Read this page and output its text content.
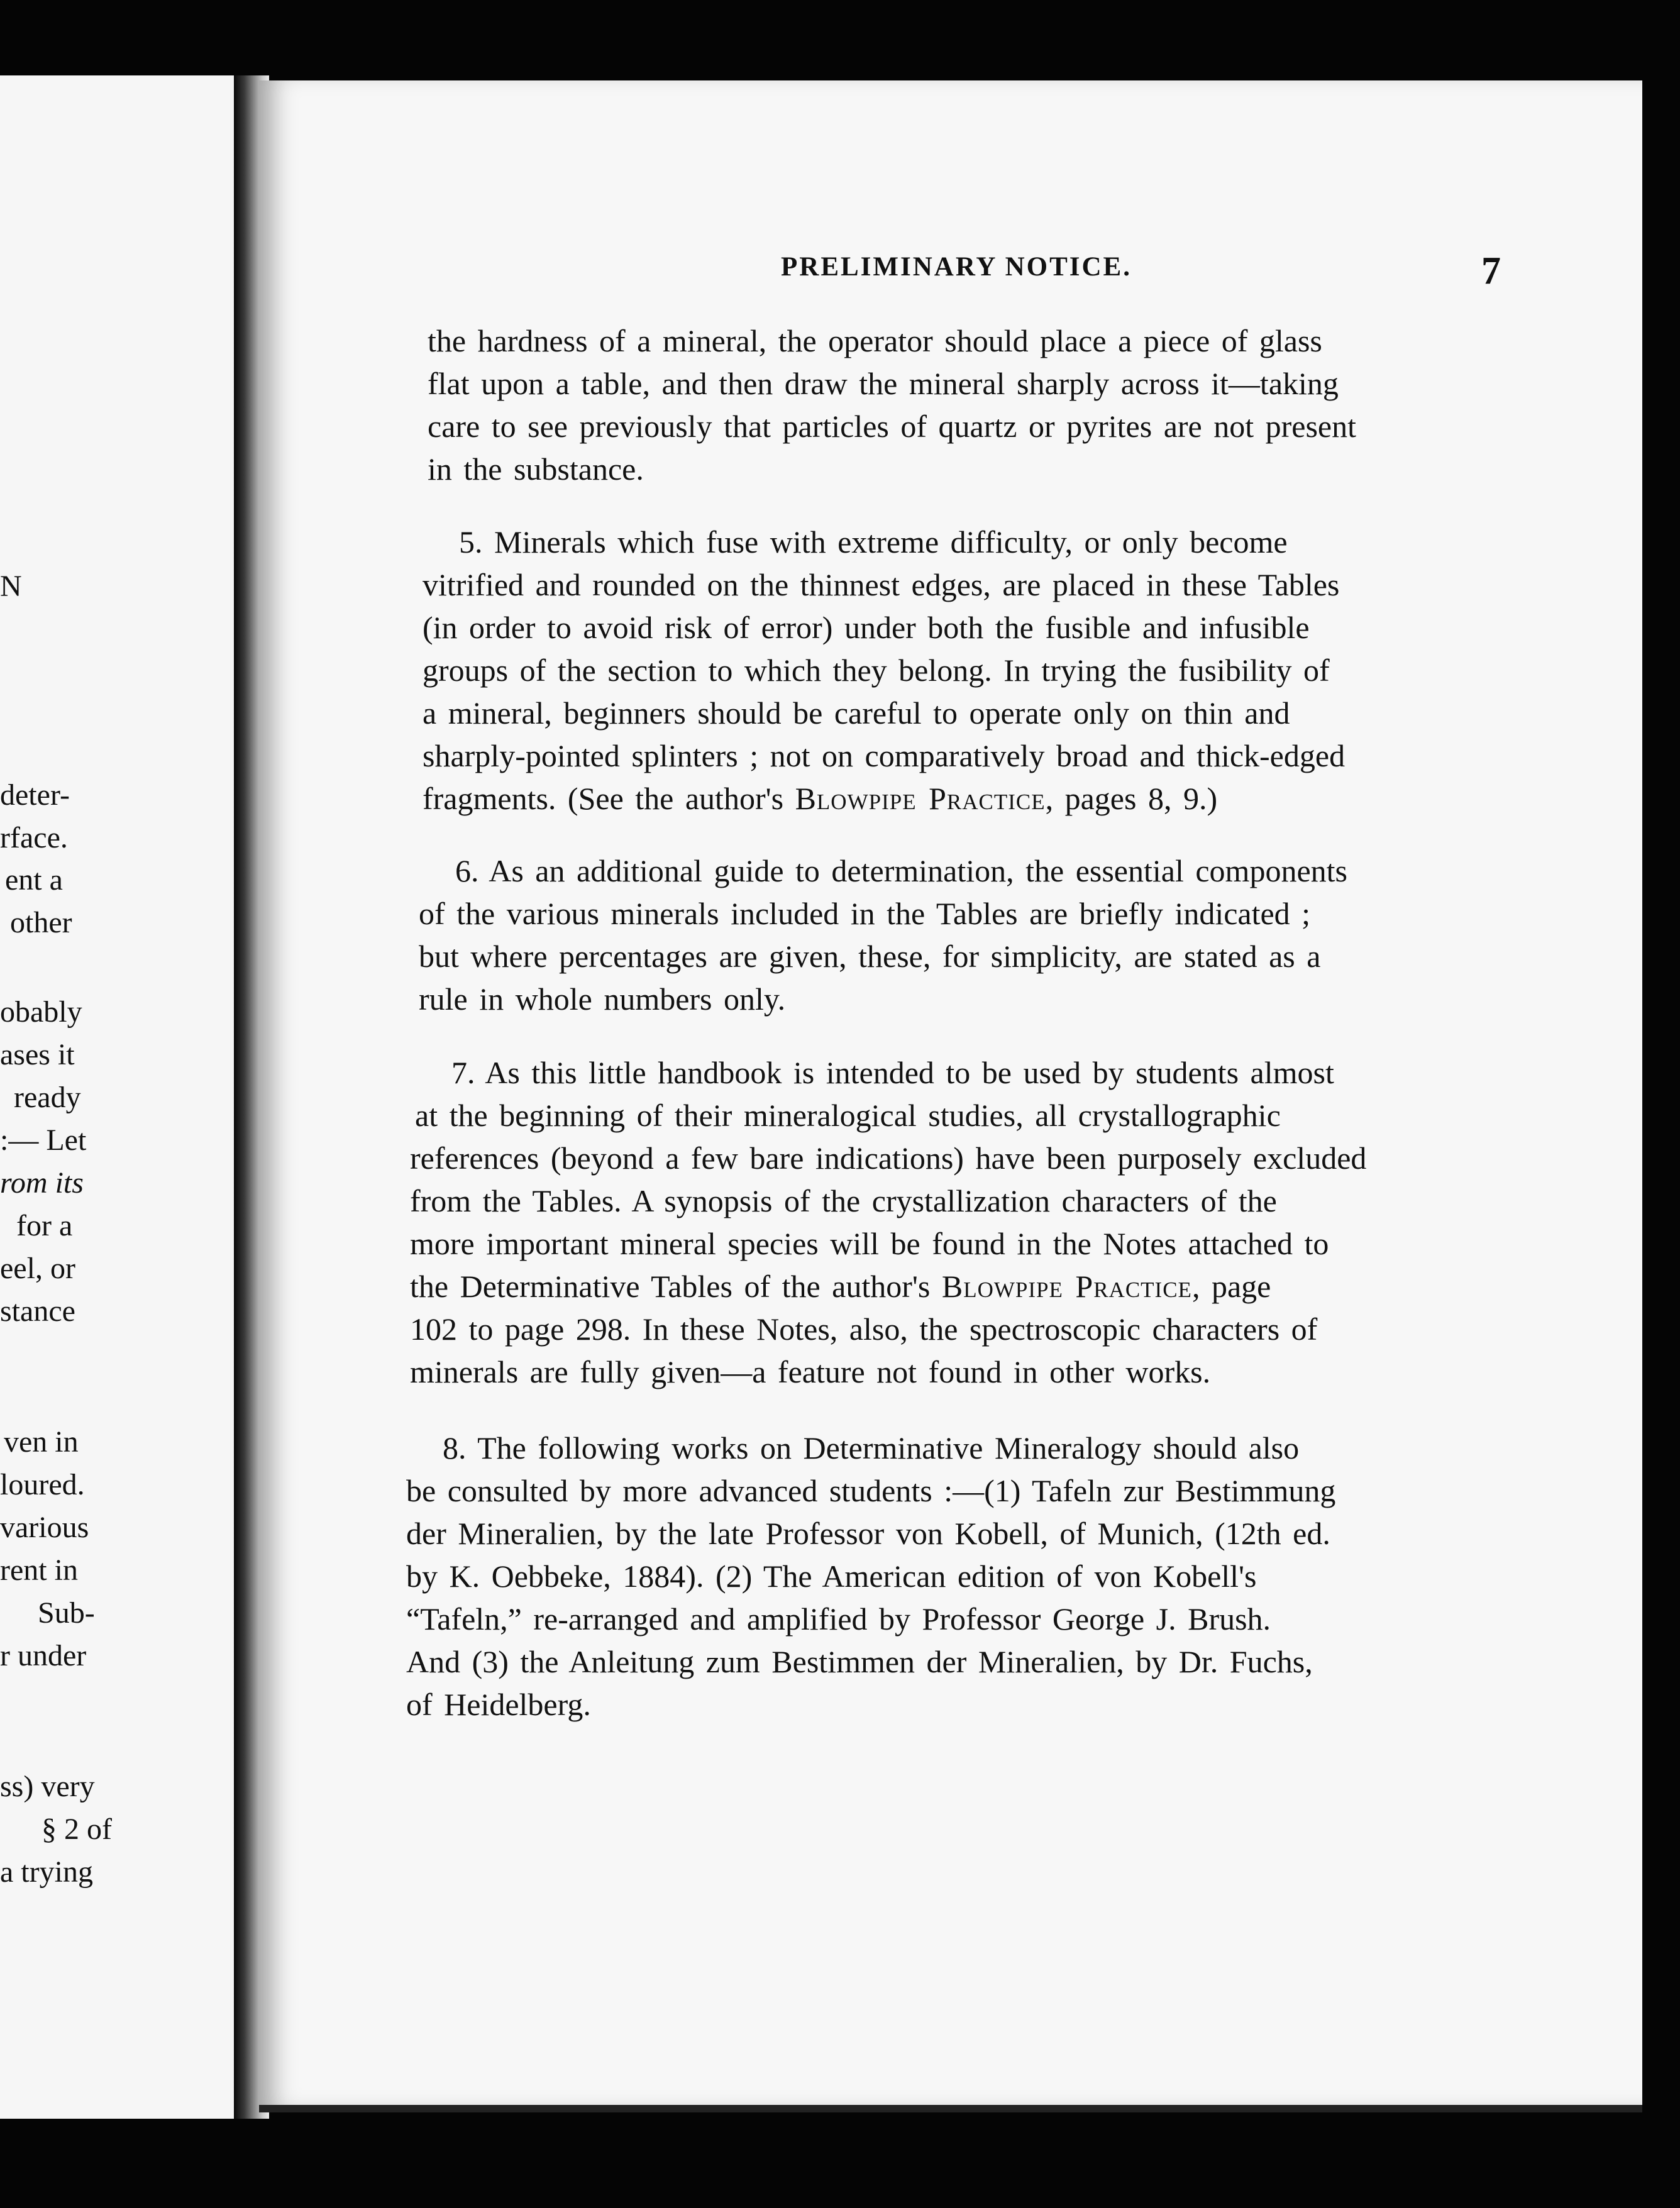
N
deter-
rface.
ent a
other
obably
ases it
ready
:— Let
rom its
for a
eel, or
stance
ven in
loured.
various
rent in
Sub-
r under
ss) very
§ 2 of
a trying
PRELIMINARY NOTICE.	7
the hardness of a mineral, the operator should place a piece of glass
flat upon a table, and then draw the mineral sharply across it—taking
care to see previously that particles of quartz or pyrites are not present
in the substance.
5. Minerals which fuse with extreme difficulty, or only become
vitrified and rounded on the thinnest edges, are placed in these Tables
(in order to avoid risk of error) under both the fusible and infusible
groups of the section to which they belong. In trying the fusibility of
a mineral, beginners should be careful to operate only on thin and
sharply-pointed splinters ; not on comparatively broad and thick-edged
fragments. (See the author's Blowpipe Practice, pages 8, 9.)
6. As an additional guide to determination, the essential components
of the various minerals included in the Tables are briefly indicated ;
but where percentages are given, these, for simplicity, are stated as a
rule in whole numbers only.
7. As this little handbook is intended to be used by students almost
at the beginning of their mineralogical studies, all crystallographic
references (beyond a few bare indications) have been purposely excluded
from the Tables. A synopsis of the crystallization characters of the
more important mineral species will be found in the Notes attached to
the Determinative Tables of the author's Blowpipe Practice, page
102 to page 298. In these Notes, also, the spectroscopic characters of
minerals are fully given—a feature not found in other works.
8. The following works on Determinative Mineralogy should also
be consulted by more advanced students :—(1) Tafeln zur Bestimmung
der Mineralien, by the late Professor von Kobell, of Munich, (12th ed.
by K. Oebbeke, 1884). (2) The American edition of von Kobell's
“Tafeln,” re-arranged and amplified by Professor George J. Brush.
And (3) the Anleitung zum Bestimmen der Mineralien, by Dr. Fuchs,
of Heidelberg.
